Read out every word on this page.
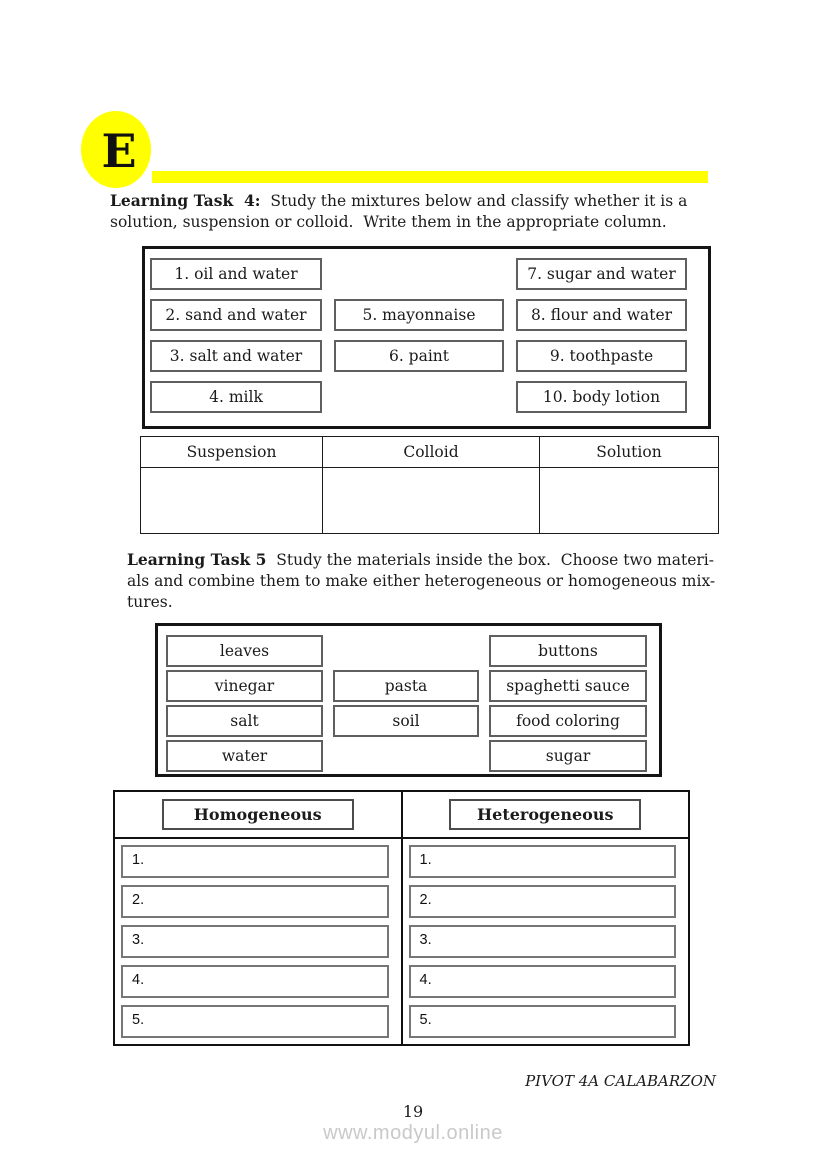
E
Learning Task  4:  Study the mixtures below and classify whether it is a
solution, suspension or colloid.  Write them in the appropriate column.
1. oil and water
2. sand and water
3. salt and water
4. milk
5. mayonnaise
6. paint
7. sugar and water
8. flour and water
9. toothpaste
10. body lotion
Suspension	Colloid	Solution

Learning Task 5  Study the materials inside the box.  Choose two materi-
als and combine them to make either heterogeneous or homogeneous mix-
tures.
leaves
vinegar
salt
water
pasta
soil
buttons
spaghetti sauce
food coloring
sugar
Homogeneous
1.
2.
3.
4.
5.
Heterogeneous
1.
2.
3.
4.
5.
PIVOT 4A CALABARZON
19
www.modyul.online
